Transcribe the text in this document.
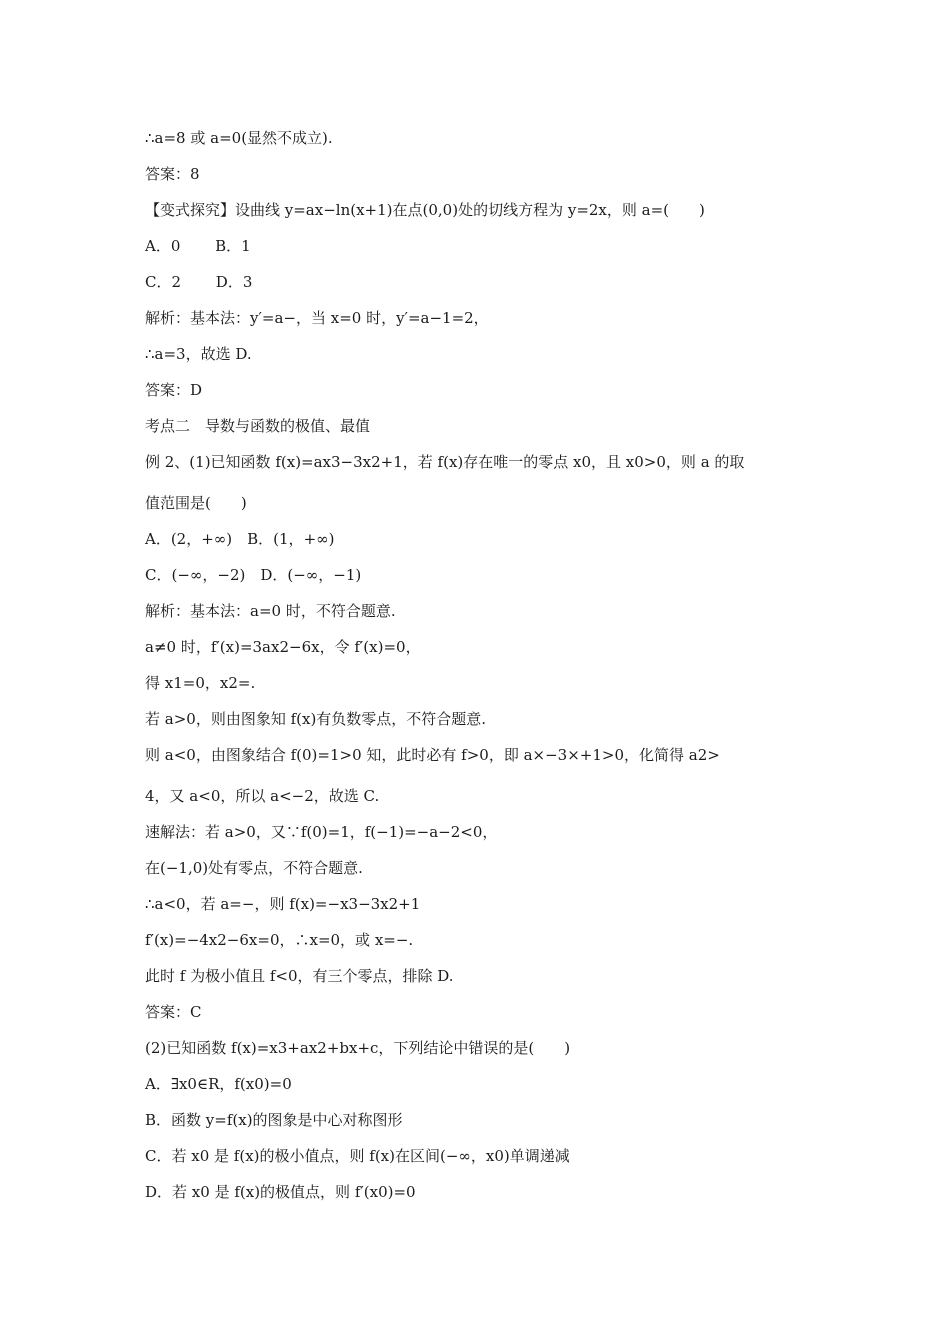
∴a=8 或 a=0(显然不成立).
答案：8
【变式探究】设曲线 y=ax−ln(x+1)在点(0,0)处的切线方程为 y=2x，则 a=(　　)
A．0　　 B．1
C．2　　 D．3
解析：基本法：y′=a−，当 x=0 时，y′=a−1=2，
∴a=3，故选 D.
答案：D
考点二　导数与函数的极值、最值
例 2、(1)已知函数 f(x)=ax3−3x2+1，若 f(x)存在唯一的零点 x0，且 x0>0，则 a 的取
值范围是(　　)
A．(2，+∞)　B．(1，+∞)
C．(−∞，−2)　D．(−∞，−1)
解析：基本法：a=0 时，不符合题意.
a≠0 时，f′(x)=3ax2−6x，令 f′(x)=0，
得 x1=0，x2=.
若 a>0，则由图象知 f(x)有负数零点，不符合题意.
则 a<0，由图象结合 f(0)=1>0 知，此时必有 f>0，即 a×−3×+1>0，化简得 a2>
4，又 a<0，所以 a<−2，故选 C.
速解法：若 a>0，又∵f(0)=1，f(−1)=−a−2<0，
在(−1,0)处有零点，不符合题意.
∴a<0，若 a=−，则 f(x)=−x3−3x2+1
f′(x)=−4x2−6x=0，∴x=0，或 x=−.
此时 f 为极小值且 f<0，有三个零点，排除 D.
答案：C
(2)已知函数 f(x)=x3+ax2+bx+c，下列结论中错误的是(　　)
A．∃x0∈R，f(x0)=0
B．函数 y=f(x)的图象是中心对称图形
C．若 x0 是 f(x)的极小值点，则 f(x)在区间(−∞，x0)单调递减
D．若 x0 是 f(x)的极值点，则 f′(x0)=0
